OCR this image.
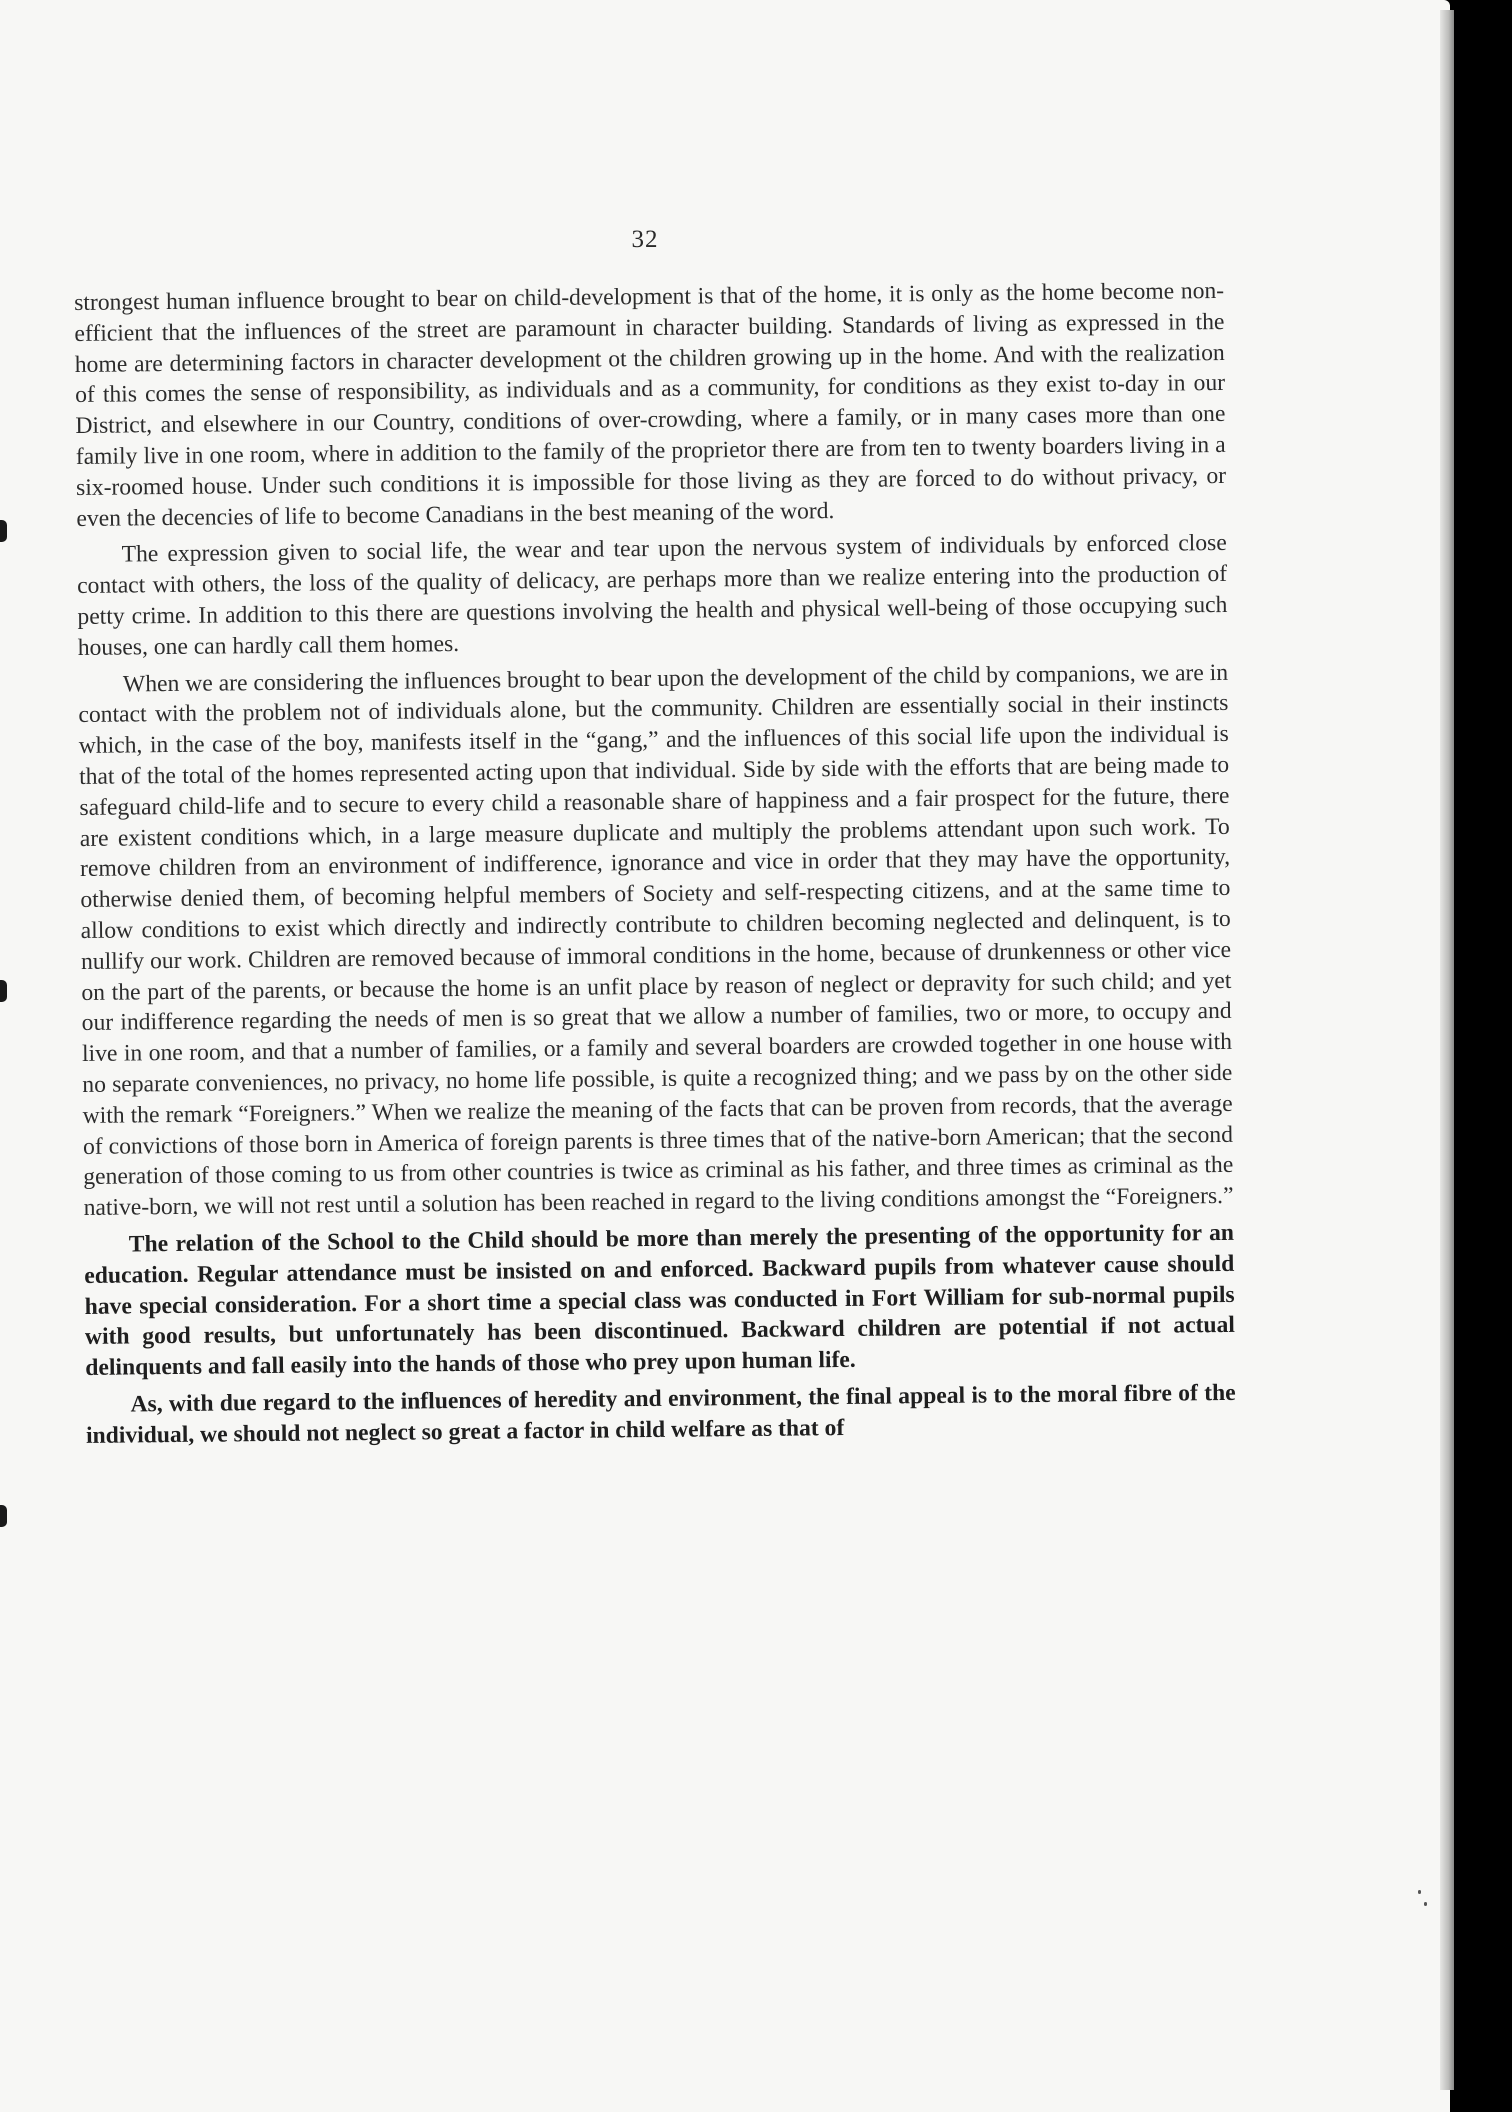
32

strongest human influence brought to bear on child-development is that of the home, it is only as the home become non-efficient that the influences of the street are paramount in character building. Standards of living as expressed in the home are determining factors in character development ot the children growing up in the home. And with the realization of this comes the sense of responsibility, as individuals and as a community, for conditions as they exist to-day in our District, and elsewhere in our Country, conditions of over-crowding, where a family, or in many cases more than one family live in one room, where in addition to the family of the proprietor there are from ten to twenty boarders living in a six-roomed house. Under such conditions it is impossible for those living as they are forced to do without privacy, or even the decencies of life to become Canadians in the best meaning of the word.

The expression given to social life, the wear and tear upon the nervous system of individuals by enforced close contact with others, the loss of the quality of delicacy, are perhaps more than we realize entering into the production of petty crime. In addition to this there are questions involving the health and physical well-being of those occupying such houses, one can hardly call them homes.

When we are considering the influences brought to bear upon the development of the child by companions, we are in contact with the problem not of individuals alone, but the community. Children are essentially social in their instincts which, in the case of the boy, manifests itself in the “gang,” and the influences of this social life upon the individual is that of the total of the homes represented acting upon that individual. Side by side with the efforts that are being made to safeguard child-life and to secure to every child a reasonable share of happiness and a fair prospect for the future, there are existent conditions which, in a large measure duplicate and multiply the problems attendant upon such work. To remove children from an environment of indifference, ignorance and vice in order that they may have the opportunity, otherwise denied them, of becoming helpful members of Society and self-respecting citizens, and at the same time to allow conditions to exist which directly and indirectly contribute to children becoming neglected and delinquent, is to nullify our work. Children are removed because of immoral conditions in the home, because of drunkenness or other vice on the part of the parents, or because the home is an unfit place by reason of neglect or depravity for such child; and yet our indifference regarding the needs of men is so great that we allow a number of families, two or more, to occupy and live in one room, and that a number of families, or a family and several boarders are crowded together in one house with no separate conveniences, no privacy, no home life possible, is quite a recognized thing; and we pass by on the other side with the remark “Foreigners.” When we realize the meaning of the facts that can be proven from records, that the average of convictions of those born in America of foreign parents is three times that of the native-born American; that the second generation of those coming to us from other countries is twice as criminal as his father, and three times as criminal as the native-born, we will not rest until a solution has been reached in regard to the living conditions amongst the “Foreigners.”

The relation of the School to the Child should be more than merely the presenting of the opportunity for an education. Regular attendance must be insisted on and enforced. Backward pupils from whatever cause should have special consideration. For a short time a special class was conducted in Fort William for sub-normal pupils with good results, but unfortunately has been discontinued. Backward children are potential if not actual delinquents and fall easily into the hands of those who prey upon human life.

As, with due regard to the influences of heredity and environment, the final appeal is to the moral fibre of the individual, we should not neglect so great a factor in child welfare as that of
